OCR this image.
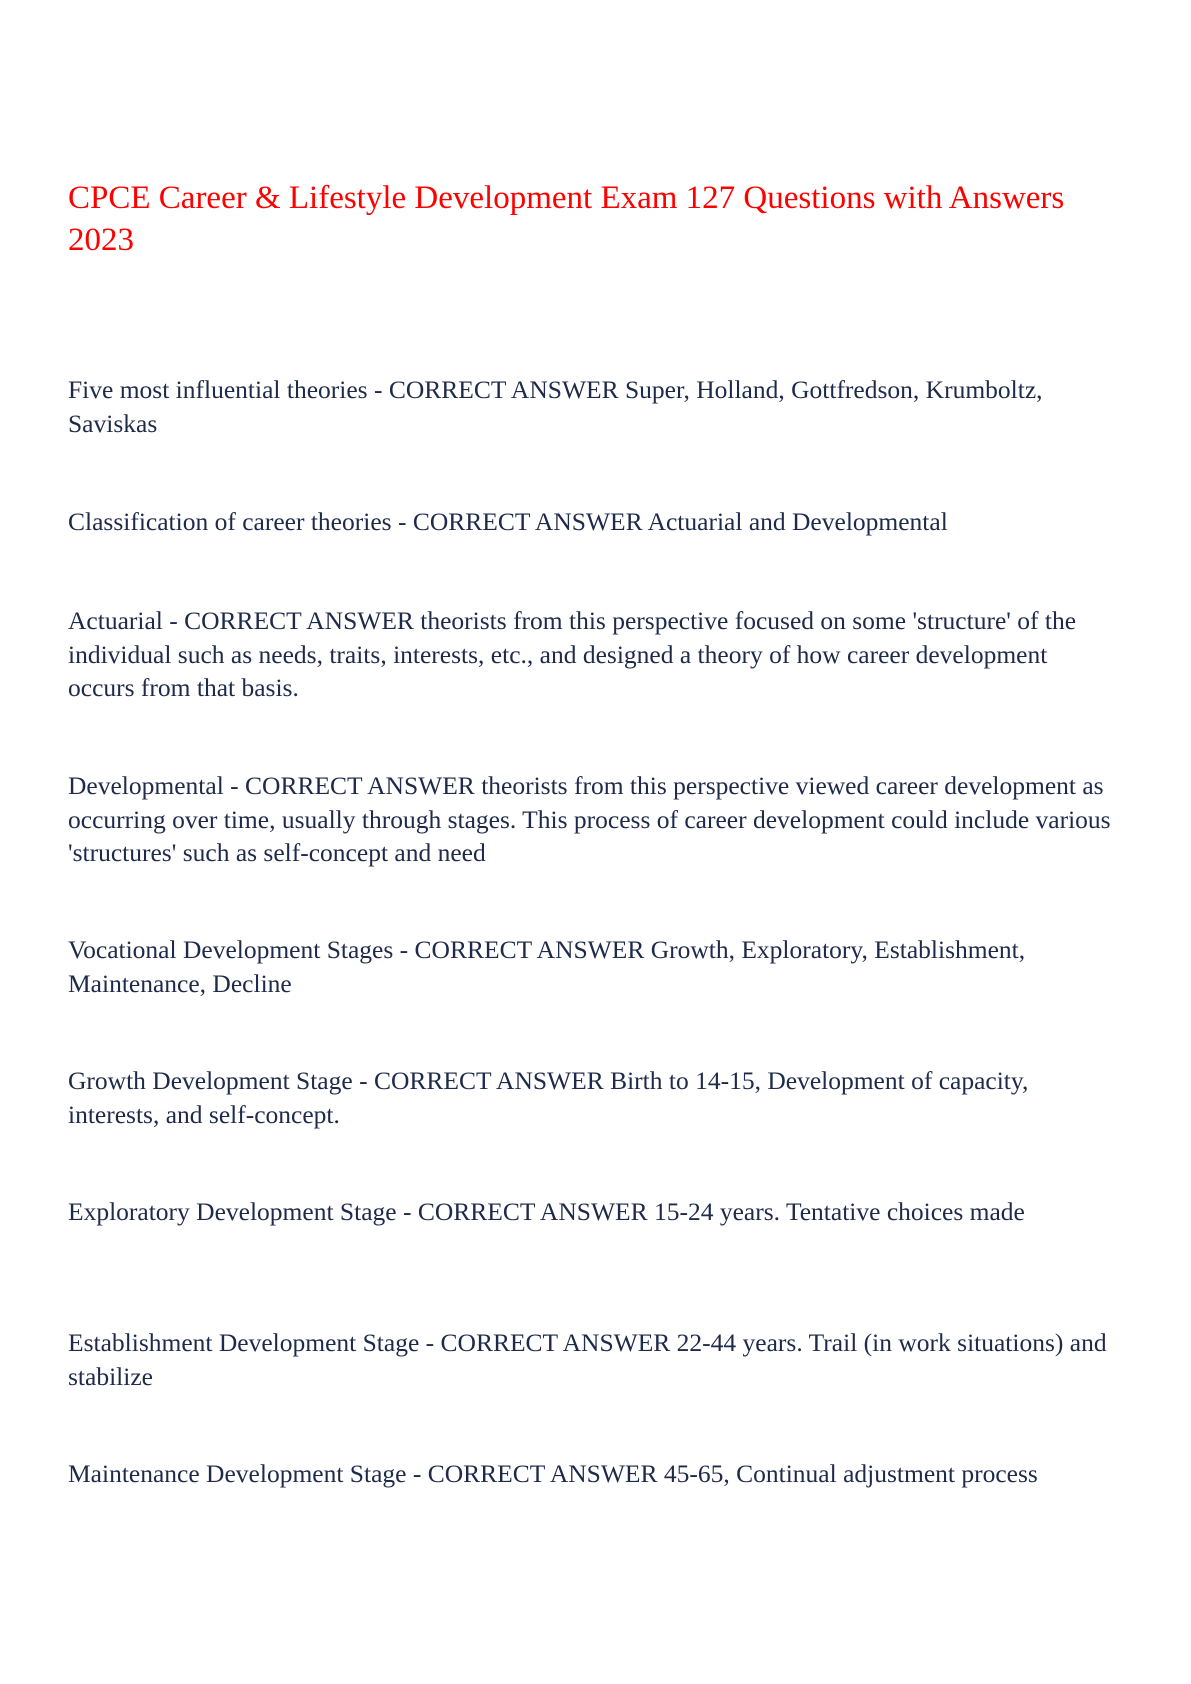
CPCE Career & Lifestyle Development Exam 127 Questions with Answers 2023

Five most influential theories - CORRECT ANSWER Super, Holland, Gottfredson, Krumboltz, Saviskas

Classification of career theories - CORRECT ANSWER Actuarial and Developmental

Actuarial - CORRECT ANSWER theorists from this perspective focused on some 'structure' of the individual such as needs, traits, interests, etc., and designed a theory of how career development occurs from that basis.

Developmental - CORRECT ANSWER theorists from this perspective viewed career development as occurring over time, usually through stages. This process of career development could include various 'structures' such as self-concept and need

Vocational Development Stages - CORRECT ANSWER Growth, Exploratory, Establishment, Maintenance, Decline

Growth Development Stage - CORRECT ANSWER Birth to 14-15, Development of capacity, interests, and self-concept.

Exploratory Development Stage - CORRECT ANSWER 15-24 years. Tentative choices made

Establishment Development Stage - CORRECT ANSWER 22-44 years. Trail (in work situations) and stabilize

Maintenance Development Stage - CORRECT ANSWER 45-65, Continual adjustment process
